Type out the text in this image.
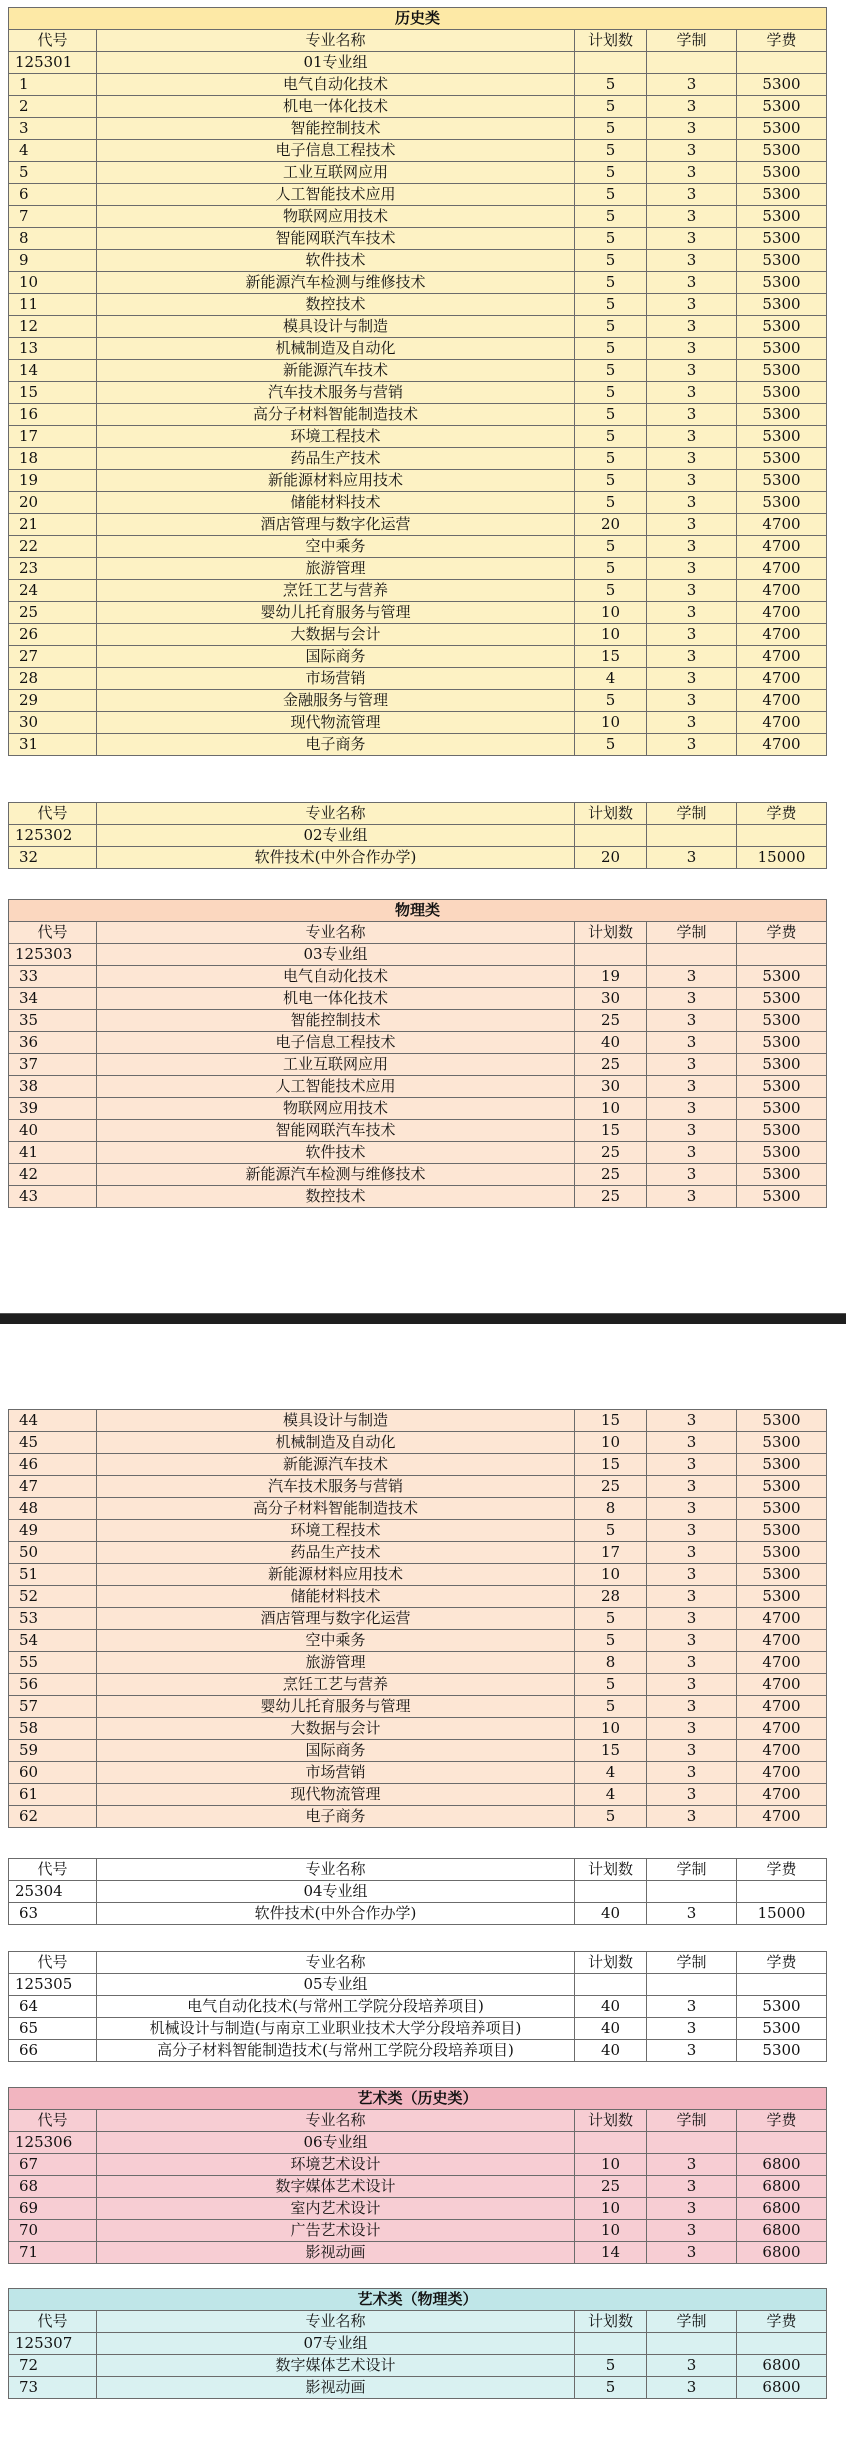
历史类				
代号	专业名称	计划数	学制	学费
125301	01专业组			
1	电气自动化技术	5	3	5300
2	机电一体化技术	5	3	5300
3	智能控制技术	5	3	5300
4	电子信息工程技术	5	3	5300
5	工业互联网应用	5	3	5300
6	人工智能技术应用	5	3	5300
7	物联网应用技术	5	3	5300
8	智能网联汽车技术	5	3	5300
9	软件技术	5	3	5300
10	新能源汽车检测与维修技术	5	3	5300
11	数控技术	5	3	5300
12	模具设计与制造	5	3	5300
13	机械制造及自动化	5	3	5300
14	新能源汽车技术	5	3	5300
15	汽车技术服务与营销	5	3	5300
16	高分子材料智能制造技术	5	3	5300
17	环境工程技术	5	3	5300
18	药品生产技术	5	3	5300
19	新能源材料应用技术	5	3	5300
20	储能材料技术	5	3	5300
21	酒店管理与数字化运营	20	3	4700
22	空中乘务	5	3	4700
23	旅游管理	5	3	4700
24	烹饪工艺与营养	5	3	4700
25	婴幼儿托育服务与管理	10	3	4700
26	大数据与会计	10	3	4700
27	国际商务	15	3	4700
28	市场营销	4	3	4700
29	金融服务与管理	5	3	4700
30	现代物流管理	10	3	4700
31	电子商务	5	3	4700
代号	专业名称	计划数	学制	学费
125302	02专业组			
32	软件技术(中外合作办学)	20	3	15000
物理类				
代号	专业名称	计划数	学制	学费
125303	03专业组			
33	电气自动化技术	19	3	5300
34	机电一体化技术	30	3	5300
35	智能控制技术	25	3	5300
36	电子信息工程技术	40	3	5300
37	工业互联网应用	25	3	5300
38	人工智能技术应用	30	3	5300
39	物联网应用技术	10	3	5300
40	智能网联汽车技术	15	3	5300
41	软件技术	25	3	5300
42	新能源汽车检测与维修技术	25	3	5300
43	数控技术	25	3	5300
44	模具设计与制造	15	3	5300
45	机械制造及自动化	10	3	5300
46	新能源汽车技术	15	3	5300
47	汽车技术服务与营销	25	3	5300
48	高分子材料智能制造技术	8	3	5300
49	环境工程技术	5	3	5300
50	药品生产技术	17	3	5300
51	新能源材料应用技术	10	3	5300
52	储能材料技术	28	3	5300
53	酒店管理与数字化运营	5	3	4700
54	空中乘务	5	3	4700
55	旅游管理	8	3	4700
56	烹饪工艺与营养	5	3	4700
57	婴幼儿托育服务与管理	5	3	4700
58	大数据与会计	10	3	4700
59	国际商务	15	3	4700
60	市场营销	4	3	4700
61	现代物流管理	4	3	4700
62	电子商务	5	3	4700
代号	专业名称	计划数	学制	学费
25304	04专业组			
63	软件技术(中外合作办学)	40	3	15000
代号	专业名称	计划数	学制	学费
125305	05专业组			
64	电气自动化技术(与常州工学院分段培养项目)	40	3	5300
65	机械设计与制造(与南京工业职业技术大学分段培养项目)	40	3	5300
66	高分子材料智能制造技术(与常州工学院分段培养项目)	40	3	5300
艺术类（历史类）				
代号	专业名称	计划数	学制	学费
125306	06专业组			
67	环境艺术设计	10	3	6800
68	数字媒体艺术设计	25	3	6800
69	室内艺术设计	10	3	6800
70	广告艺术设计	10	3	6800
71	影视动画	14	3	6800
艺术类（物理类）				
代号	专业名称	计划数	学制	学费
125307	07专业组			
72	数字媒体艺术设计	5	3	6800
73	影视动画	5	3	6800
